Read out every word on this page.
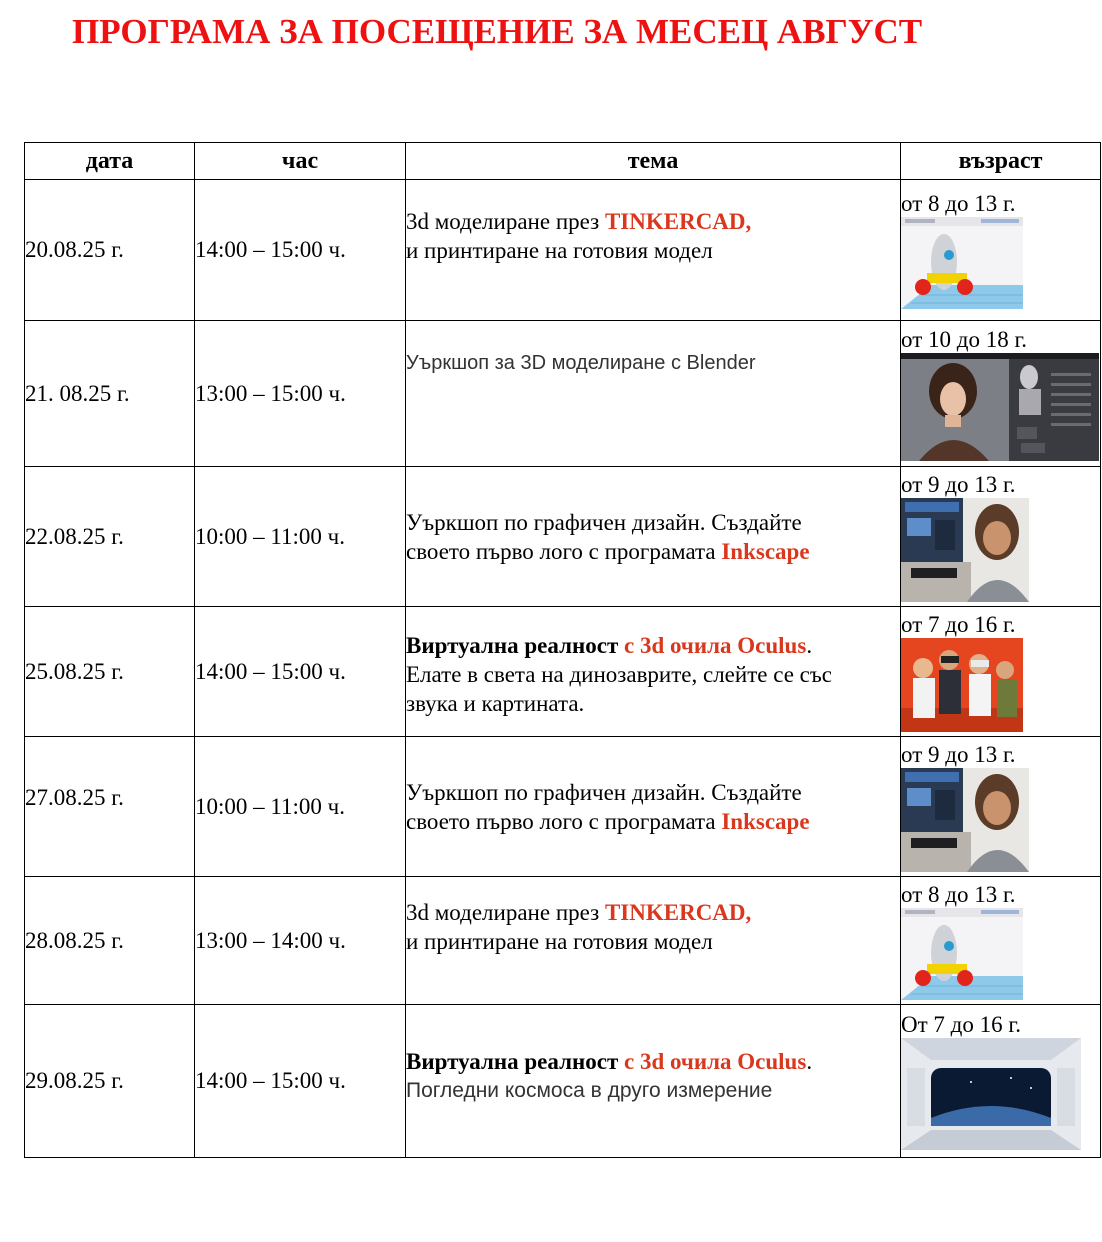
ПРОГРАМА ЗА ПОСЕЩЕНИЕ ЗА МЕСЕЦ АВГУСТ
дата	час	тема	възраст
20.08.25 г.	14:00 – 15:00 ч.	3d моделиране през TINKERCAD,
и принтиране на готовия модел	от 8 до 13 г.

21. 08.25 г.	13:00 – 15:00 ч.	Уъркшоп за 3D моделиране с Blender	от 10 до 18 г.

22.08.25 г.	10:00 – 11:00 ч.	Уъркшоп по графичен дизайн. Създайте
своето първо лого с програмата Inkscape	от 9 до 13 г.

25.08.25 г.	14:00 – 15:00 ч.	Виртуална реалност с 3d очила Oculus.
Елате в света на динозаврите, слейте се със
звука и картината.	от 7 до 16 г.

27.08.25 г.	10:00 – 11:00 ч.	Уъркшоп по графичен дизайн. Създайте
своето първо лого с програмата Inkscape	от 9 до 13 г.

28.08.25 г.	13:00 – 14:00 ч.	3d моделиране през TINKERCAD,
и принтиране на готовия модел	от 8 до 13 г.

29.08.25 г.	14:00 – 15:00 ч.	Виртуална реалност с 3d очила Oculus.
Погледни космоса в друго измерение	От 7 до 16 г.
